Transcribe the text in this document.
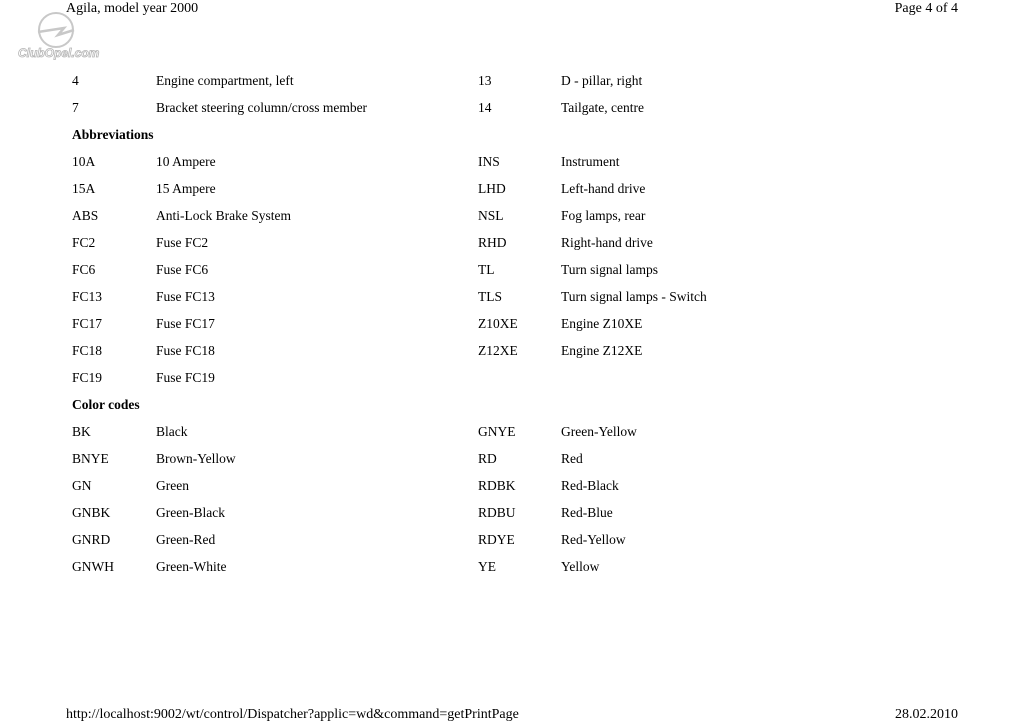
Agila, model year 2000	Page 4 of 4
ClubOpel.com
4	Engine compartment, left	13	D - pillar, right
7	Bracket steering column/cross member	14	Tailgate, centre
Abbreviations
10A	10 Ampere	INS	Instrument
15A	15 Ampere	LHD	Left-hand drive
ABS	Anti-Lock Brake System	NSL	Fog lamps, rear
FC2	Fuse FC2	RHD	Right-hand drive
FC6	Fuse FC6	TL	Turn signal lamps
FC13	Fuse FC13	TLS	Turn signal lamps - Switch
FC17	Fuse FC17	Z10XE	Engine Z10XE
FC18	Fuse FC18	Z12XE	Engine Z12XE
FC19	Fuse FC19
Color codes
BK	Black	GNYE	Green-Yellow
BNYE	Brown-Yellow	RD	Red
GN	Green	RDBK	Red-Black
GNBK	Green-Black	RDBU	Red-Blue
GNRD	Green-Red	RDYE	Red-Yellow
GNWH	Green-White	YE	Yellow
http://localhost:9002/wt/control/Dispatcher?applic=wd&command=getPrintPage	28.02.2010
